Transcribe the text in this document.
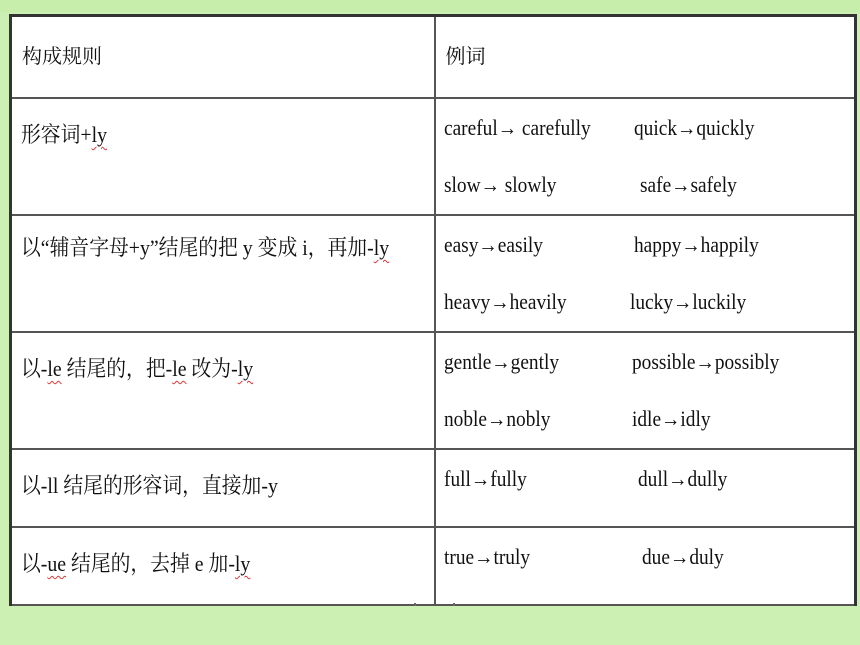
构成规则	例词

形容词+ly	careful→ carefully quick→quickly
slow→ slowly safe→safely

以“辅音字母+y”结尾的把 y 变成 i，再加-ly	easy→easily happy→happily
heavy→heavily lucky→luckily

以-le 结尾的，把-le 改为-ly	gentle→gently possible→possibly
noble→nobly idle→idly

以-ll 结尾的形容词，直接加-y	full→fully dull→dully

以-ue 结尾的，去掉 e 加-ly	true→truly due→duly
